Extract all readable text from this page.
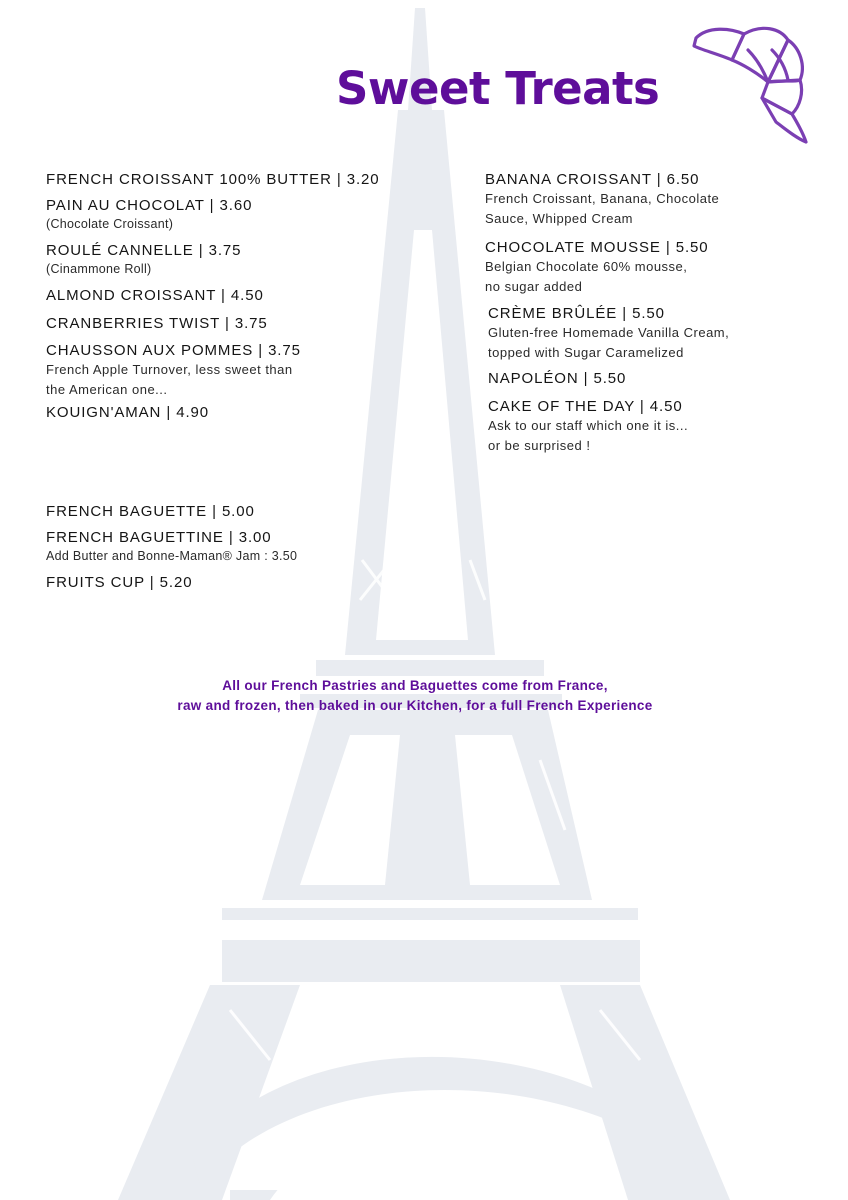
Sweet Treats
FRENCH CROISSANT 100% BUTTER | 3.20
PAIN AU CHOCOLAT | 3.60
(Chocolate Croissant)
ROULÉ CANNELLE | 3.75
(Cinammone Roll)
ALMOND CROISSANT | 4.50
CRANBERRIES TWIST | 3.75
CHAUSSON AUX POMMES | 3.75
French Apple Turnover, less sweet than
the American one...
KOUIGN'AMAN | 4.90
BANANA CROISSANT | 6.50
French Croissant, Banana, Chocolate
Sauce, Whipped Cream
CHOCOLATE MOUSSE | 5.50
Belgian Chocolate 60% mousse,
no sugar added
CRÈME BRÛLÉE | 5.50
Gluten-free Homemade Vanilla Cream,
topped with Sugar Caramelized
NAPOLÉON | 5.50
CAKE OF THE DAY | 4.50
Ask to our staff which one it is...
or be surprised !
FRENCH BAGUETTE | 5.00
FRENCH BAGUETTINE | 3.00
Add Butter and Bonne-Maman® Jam : 3.50
FRUITS CUP | 5.20
All our French Pastries and Baguettes come from France,
raw and frozen, then baked in our Kitchen, for a full French Experience
